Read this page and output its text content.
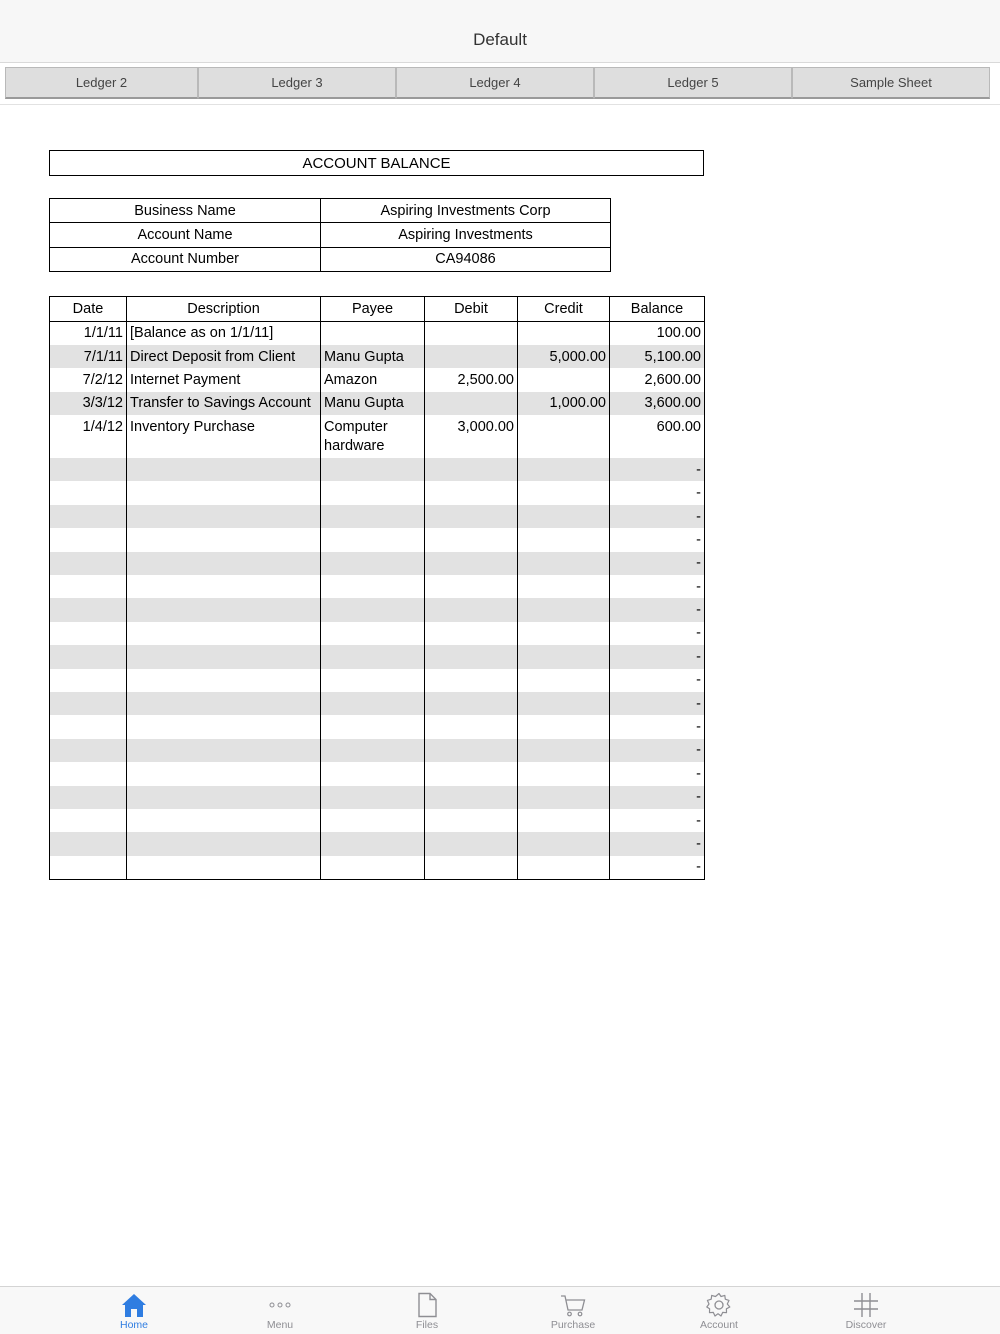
Default
Ledger 2	Ledger 3	Ledger 4	Ledger 5	Sample Sheet
ACCOUNT BALANCE
Business Name	Aspiring Investments Corp
Account Name	Aspiring Investments
Account Number	CA94086
Date	Description	Payee	Debit	Credit	Balance
1/1/11	[Balance as on 1/1/11]				100.00
7/1/11	Direct Deposit from Client	Manu Gupta		5,000.00	5,100.00
7/2/12	Internet Payment	Amazon	2,500.00		2,600.00
3/3/12	Transfer to Savings Account	Manu Gupta		1,000.00	3,600.00
1/4/12	Inventory Purchase	Computer hardware	3,000.00		600.00
					-
					-
					-
					-
					-
					-
					-
					-
					-
					-
					-
					-
					-
					-
					-
					-
					-
					-
Home	Menu	Files	Purchase	Account	Discover
